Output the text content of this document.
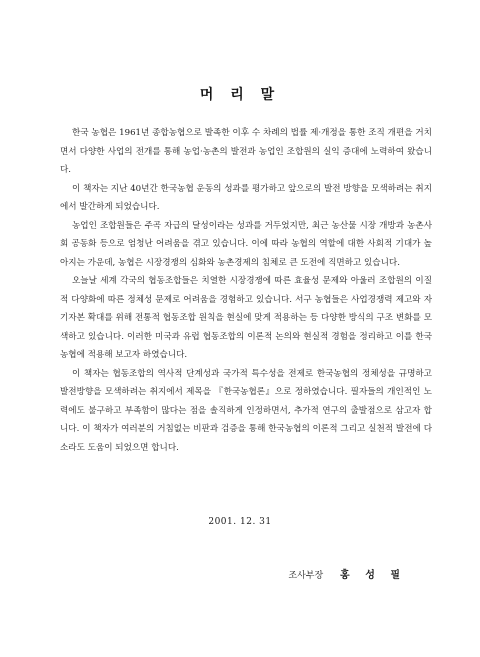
머 리 말

한국 농협은 1961년 종합농협으로 발족한 이후 수 차례의 법률 제·개정을 통한 조직 개편을 거치면서 다양한 사업의 전개를 통해 농업·농촌의 발전과 농업인 조합원의 실익 증대에 노력하여 왔습니다.

이 책자는 지난 40년간 한국농협 운동의 성과를 평가하고 앞으로의 발전 방향을 모색하려는 취지에서 발간하게 되었습니다.

농업인 조합원들은 주곡 자급의 달성이라는 성과를 거두었지만, 최근 농산물 시장 개방과 농촌사회 공동화 등으로 엄청난 어려움을 겪고 있습니다. 이에 따라 농협의 역할에 대한 사회적 기대가 높아지는 가운데, 농협은 시장경쟁의 심화와 농촌경제의 침체로 큰 도전에 직면하고 있습니다.

오늘날 세계 각국의 협동조합들은 치열한 시장경쟁에 따른 효율성 문제와 아울러 조합원의 이질적 다양화에 따른 정체성 문제로 어려움을 경험하고 있습니다. 서구 농협들은 사업경쟁력 제고와 자기자본 확대를 위해 전통적 협동조합 원칙을 현실에 맞게 적용하는 등 다양한 방식의 구조 변화를 모색하고 있습니다. 이러한 미국과 유럽 협동조합의 이론적 논의와 현실적 경험을 정리하고 이를 한국농협에 적용해 보고자 하였습니다.

이 책자는 협동조합의 역사적 단계성과 국가적 특수성을 전제로 한국농협의 정체성을 규명하고 발전방향을 모색하려는 취지에서 제목을 『한국농협론』으로 정하였습니다. 필자들의 개인적인 노력에도 불구하고 부족함이 많다는 점을 솔직하게 인정하면서, 추가적 연구의 출발점으로 삼고자 합니다. 이 책자가 여러분의 거침없는 비판과 검증을 통해 한국농협의 이론적 그리고 실천적 발전에 다소라도 도움이 되었으면 합니다.

2001. 12. 31
조사부장 홍 성 필
